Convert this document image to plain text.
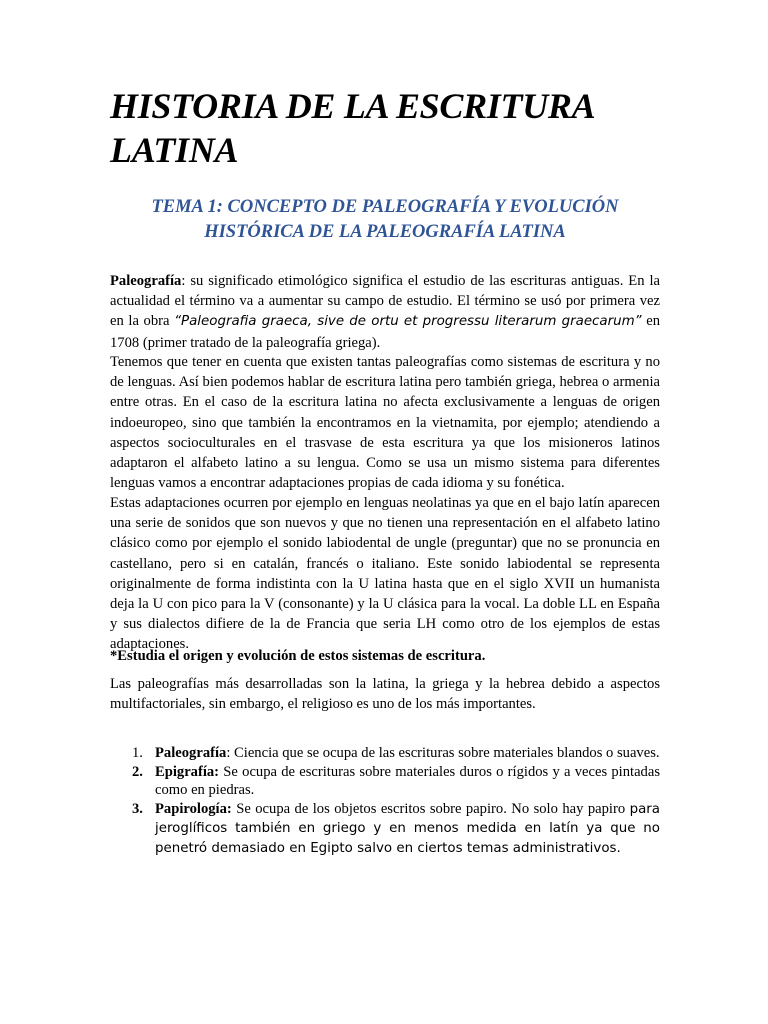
HISTORIA DE LA ESCRITURA LATINA
TEMA 1: CONCEPTO DE PALEOGRAFÍA Y EVOLUCIÓN HISTÓRICA DE LA PALEOGRAFÍA LATINA

Paleografía: su significado etimológico significa el estudio de las escrituras antiguas. En la actualidad el término va a aumentar su campo de estudio. El término se usó por primera vez en la obra “Paleografia graeca, sive de ortu et progressu literarum graecarum” en 1708 (primer tratado de la paleografía griega).

Tenemos que tener en cuenta que existen tantas paleografías como sistemas de escritura y no de lenguas. Así bien podemos hablar de escritura latina pero también griega, hebrea o armenia entre otras. En el caso de la escritura latina no afecta exclusivamente a lenguas de origen indoeuropeo, sino que también la encontramos en la vietnamita, por ejemplo; atendiendo a aspectos socioculturales en el trasvase de esta escritura ya que los misioneros latinos adaptaron el alfabeto latino a su lengua. Como se usa un mismo sistema para diferentes lenguas vamos a encontrar adaptaciones propias de cada idioma y su fonética.

Estas adaptaciones ocurren por ejemplo en lenguas neolatinas ya que en el bajo latín aparecen una serie de sonidos que son nuevos y que no tienen una representación en el alfabeto latino clásico como por ejemplo el sonido labiodental de ungle (preguntar) que no se pronuncia en castellano, pero si en catalán, francés o italiano. Este sonido labiodental se representa originalmente de forma indistinta con la U latina hasta que en el siglo XVII un humanista deja la U con pico para la V (consonante) y la U clásica para la vocal. La doble LL en España y sus dialectos difiere de la de Francia que seria LH como otro de los ejemplos de estas adaptaciones.

*Estudia el origen y evolución de estos sistemas de escritura.

Las paleografías más desarrolladas son la latina, la griega y la hebrea debido a aspectos multifactoriales, sin embargo, el religioso es uno de los más importantes.

1. Paleografía: Ciencia que se ocupa de las escrituras sobre materiales blandos o suaves.
2. Epigrafía: Se ocupa de escrituras sobre materiales duros o rígidos y a veces pintadas como en piedras.
3. Papirología: Se ocupa de los objetos escritos sobre papiro. No solo hay papiro para jeroglíficos también en griego y en menos medida en latín ya que no penetró demasiado en Egipto salvo en ciertos temas administrativos.
